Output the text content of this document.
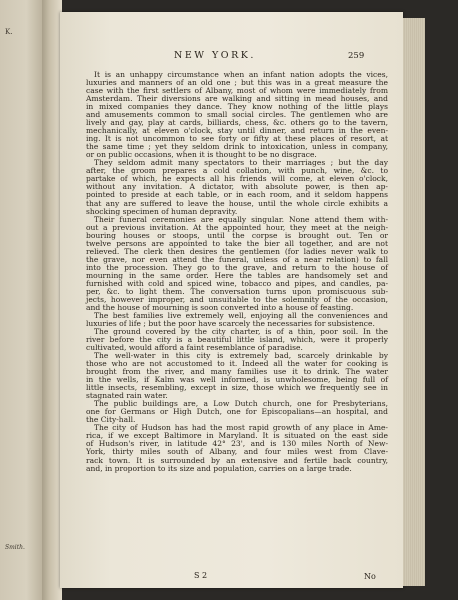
K.
Smith.
NEW YORK.	259
It is an unhappy circumstance when an infant nation adopts the vices,
luxuries and manners of an old one ; but this was in a great measure the
case with the first settlers of Albany, most of whom were immediately from
Amsterdam. Their diversions are walking and sitting in mead houses, and
in mixed companies they dance. They know nothing of the little plays
and amusements common to small social circles. The gentlemen who are
lively and gay, play at cards, billiards, chess, &c. others go to the tavern,
mechanically, at eleven o'clock, stay until dinner, and return in the even-
ing. It is not uncommon to see forty or fifty at these places of resort, at
the same time ; yet they seldom drink to intoxication, unless in company,
or on public occasions, when it is thought to be no disgrace.
They seldom admit many spectators to their marriages ; but the day
after, the groom prepares a cold collation, with punch, wine, &c. to
partake of which, he expects all his friends will come, at eleven o'clock,
without any invitation. A dictator, with absolute power, is then ap-
pointed to preside at each table, or in each room, and it seldom happens
that any are suffered to leave the house, until the whole circle exhibits a
shocking specimen of human depravity.
Their funeral ceremonies are equally singular. None attend them with-
out a previous invitation. At the appointed hour, they meet at the neigh-
bouring houses or stoops, until the corpse is brought out. Ten or
twelve persons are appointed to take the bier all together, and are not
relieved. The clerk then desires the gentlemen (for ladies never walk to
the grave, nor even attend the funeral, unless of a near relation) to fall
into the procession. They go to the grave, and return to the house of
mourning in the same order. Here the tables are handsomely set and
furnished with cold and spiced wine, tobacco and pipes, and candles, pa-
per, &c. to light them. The conversation turns upon promiscuous sub-
jects, however improper, and unsuitable to the solemnity of the occasion,
and the house of mourning is soon converted into a house of feasting.
The best families live extremely well, enjoying all the conveniences and
luxuries of life ; but the poor have scarcely the necessaries for subsistence.
The ground covered by the city charter, is of a thin, poor soil. In the
river before the city is a beautiful little island, which, were it properly
cultivated, would afford a faint resemblance of paradise.
The well-water in this city is extremely bad, scarcely drinkable by
those who are not accustomed to it. Indeed all the water for cooking is
brought from the river, and many families use it to drink. The water
in the wells, if Kalm was well informed, is unwholesome, being full of
little insects, resembling, except in size, those which we frequently see in
stagnated rain water.
The public buildings are, a Low Dutch church, one for Presbyterians,
one for Germans or High Dutch, one for Episcopalians—an hospital, and
the City-hall.
The city of Hudson has had the most rapid growth of any place in Ame-
rica, if we except Baltimore in Maryland. It is situated on the east side
of Hudson's river, in latitude 42° 23', and is 130 miles North of New-
York, thirty miles south of Albany, and four miles west from Clave-
rack town. It is surrounded by an extensive and fertile back country,
and, in proportion to its size and population, carries on a large trade.
S 2	No
